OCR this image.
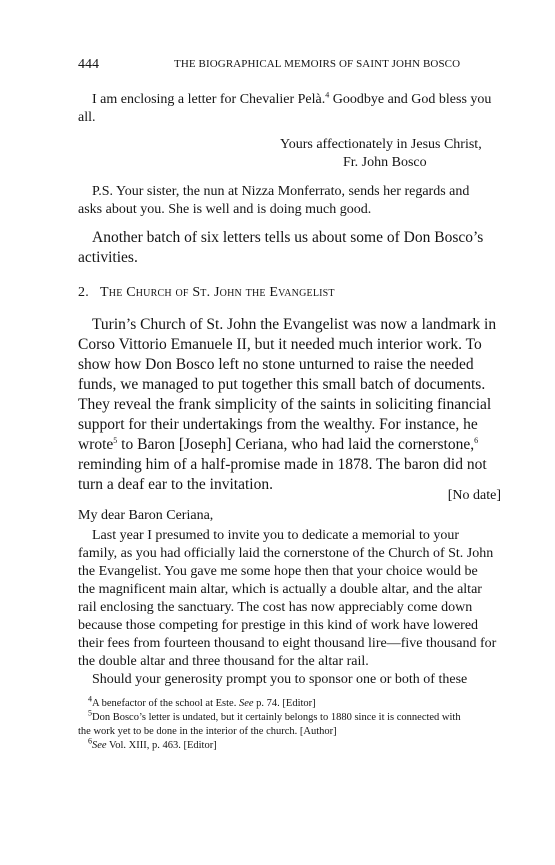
444	THE BIOGRAPHICAL MEMOIRS OF SAINT JOHN BOSCO

I am enclosing a letter for Chevalier Pelà.$^4$ Goodbye and God bless you
all.

Yours affectionately in Jesus Christ,
Fr. John Bosco

P.S. Your sister, the nun at Nizza Monferrato, sends her regards and
asks about you. She is well and is doing much good.

Another batch of six letters tells us about some of Don Bosco’s
activities.

2. The Church of St. John the Evangelist

Turin’s Church of St. John the Evangelist was now a landmark in
Corso Vittorio Emanuele II, but it needed much interior work. To
show how Don Bosco left no stone unturned to raise the needed
funds, we managed to put together this small batch of documents.
They reveal the frank simplicity of the saints in soliciting financial
support for their undertakings from the wealthy. For instance, he
wrote$^5$ to Baron [Joseph] Ceriana, who had laid the cornerstone,$^6$
reminding him of a half-promise made in 1878. The baron did not
turn a deaf ear to the invitation.

[No date]
My dear Baron Ceriana,

Last year I presumed to invite you to dedicate a memorial to your
family, as you had officially laid the cornerstone of the Church of St. John
the Evangelist. You gave me some hope then that your choice would be
the magnificent main altar, which is actually a double altar, and the altar
rail enclosing the sanctuary. The cost has now appreciably come down
because those competing for prestige in this kind of work have lowered
their fees from fourteen thousand to eight thousand lire—five thousand for
the double altar and three thousand for the altar rail.
Should your generosity prompt you to sponsor one or both of these

$^4$A benefactor of the school at Este. See p. 74. [Editor]
$^5$Don Bosco’s letter is undated, but it certainly belongs to 1880 since it is connected with
the work yet to be done in the interior of the church. [Author]
$^6$See Vol. XIII, p. 463. [Editor]
